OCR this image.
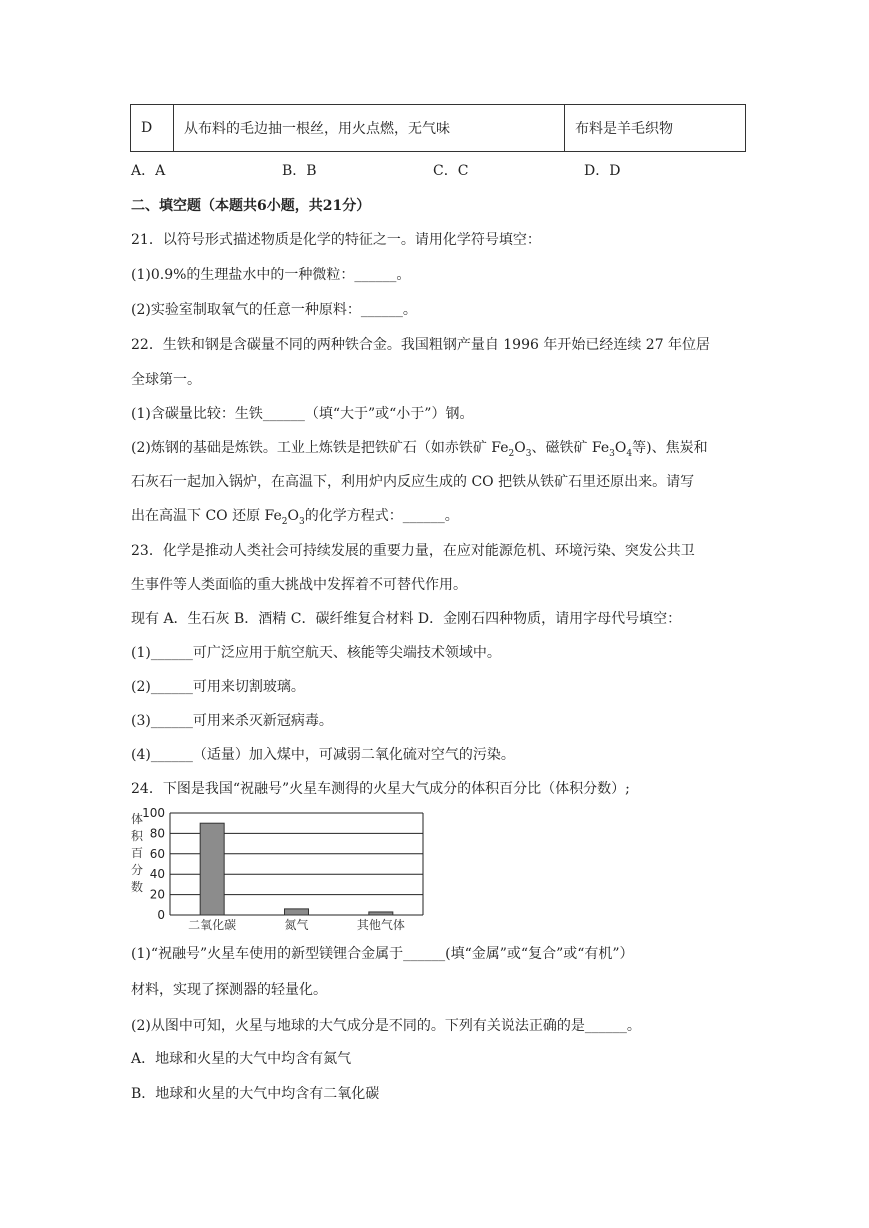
D	从布料的毛边抽一根丝，用火点燃，无气味	布料是羊毛织物
A．A	B．B	C．C	D．D
二、填空题（本题共6小题，共21分）
21．以符号形式描述物质是化学的特征之一。请用化学符号填空：
(1)0.9%的生理盐水中的一种微粒：______。
(2)实验室制取氧气的任意一种原料：______。
22．生铁和钢是含碳量不同的两种铁合金。我国粗钢产量自 1996 年开始已经连续 27 年位居
全球第一。
(1)含碳量比较：生铁______（填“大于”或“小于”）钢。
(2)炼钢的基础是炼铁。工业上炼铁是把铁矿石（如赤铁矿 $Fe_2O_3$、磁铁矿 $Fe_3O_4$等)、焦炭和
石灰石一起加入锅炉，在高温下，利用炉内反应生成的 CO 把铁从铁矿石里还原出来。请写
出在高温下 CO 还原 $Fe_2O_3$的化学方程式：______。
23．化学是推动人类社会可持续发展的重要力量，在应对能源危机、环境污染、突发公共卫
生事件等人类面临的重大挑战中发挥着不可替代作用。
现有 A．生石灰 B．酒精 C．碳纤维复合材料 D．金刚石四种物质，请用字母代号填空：
(1)______可广泛应用于航空航天、核能等尖端技术领域中。
(2)______可用来切割玻璃。
(3)______可用来杀灭新冠病毒。
(4)______（适量）加入煤中，可减弱二氧化硫对空气的污染。
24．下图是我国“祝融号”火星车测得的火星大气成分的体积百分比（体积分数）;
体
积
百
分
数
0
20
40
60
80
100
二氧化碳	氮气	其他气体
(1)“祝融号”火星车使用的新型镁锂合金属于______(填“金属”或“复合”或“有机”）
材料，实现了探测器的轻量化。
(2)从图中可知，火星与地球的大气成分是不同的。下列有关说法正确的是______。
A．地球和火星的大气中均含有氮气
B．地球和火星的大气中均含有二氧化碳
